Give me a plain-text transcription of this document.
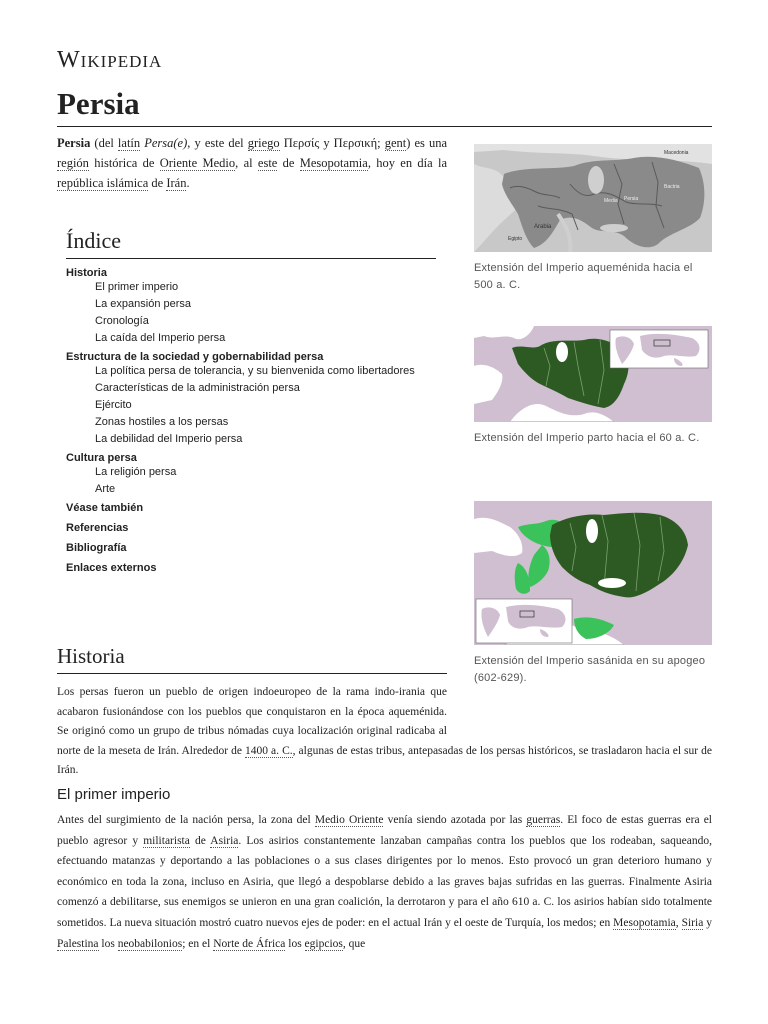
Wikipedia
Persia
Persia (del latín Persa(e), y este del griego Περσίς y Περσική; gent) es una región histórica de Oriente Medio, al este de Mesopotamia, hoy en día la república islámica de Irán.
Índice
Historia
El primer imperio
La expansión persa
Cronología
La caída del Imperio persa
Estructura de la sociedad y gobernabilidad persa
La política persa de tolerancia, y su bienvenida como libertadores
Características de la administración persa
Ejército
Zonas hostiles a los persas
La debilidad del Imperio persa
Cultura persa
La religión persa
Arte
Véase también
Referencias
Bibliografía
Enlaces externos
Arabia
Macedonia
Egipto
Persia
Bactria
Media
Extensión del Imperio aqueménida hacia el 500 a. C.
Extensión del Imperio parto hacia el 60 a. C.
Extensión del Imperio sasánida en su apogeo (602-629).
Historia
Los persas fueron un pueblo de origen indoeuropeo de la rama indo-irania que acabaron fusionándose con los pueblos que conquistaron en la época aqueménida. Se originó como un grupo de tribus nómadas cuya localización original radicaba al norte de la meseta de Irán. Alrededor de 1400 a. C., algunas de estas tribus, antepasadas de los persas históricos, se trasladaron hacia el sur de Irán.
El primer imperio
Antes del surgimiento de la nación persa, la zona del Medio Oriente venía siendo azotada por las guerras. El foco de estas guerras era el pueblo agresor y militarista de Asiria. Los asirios constantemente lanzaban campañas contra los pueblos que los rodeaban, saqueando, efectuando matanzas y deportando a las poblaciones o a sus clases dirigentes por lo menos. Esto provocó un gran deterioro humano y económico en toda la zona, incluso en Asiria, que llegó a despoblarse debido a las graves bajas sufridas en las guerras. Finalmente Asiria comenzó a debilitarse, sus enemigos se unieron en una gran coalición, la derrotaron y para el año 610 a. C. los asirios habían sido totalmente sometidos. La nueva situación mostró cuatro nuevos ejes de poder: en el actual Irán y el oeste de Turquía, los medos; en Mesopotamia, Siria y Palestina los neobabilonios; en el Norte de África los egipcios, que
